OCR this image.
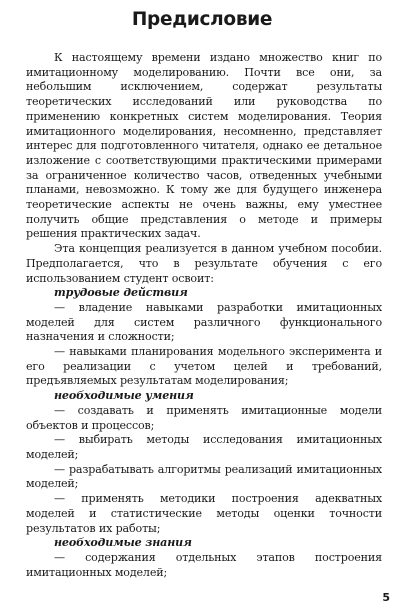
Предисловие

К настоящему времени издано множество книг по имитационному моделированию. Почти все они, за небольшим исключением, содержат результаты теоретических исследований или руководства по применению конкретных систем моделирования. Теория имитационного моделирования, несомненно, представляет интерес для подготовленного читателя, однако ее детальное изложение с соответствующими практическими примерами за ограниченное количество часов, отведенных учебными планами, невозможно. К тому же для будущего инженера теоретические аспекты не очень важны, ему уместнее получить общие представления о методе и примеры решения практических задач.

Эта концепция реализуется в данном учебном пособии. Предполагается, что в результате обучения с его использованием студент освоит:

трудовые действия

— владение навыками разработки имитационных моделей для систем различного функционального назначения и сложности;

— навыками планирования модельного эксперимента и его реализации с учетом целей и требований, предъявляемых результатам моделирования;

необходимые умения

— создавать и применять имитационные модели объектов и процессов;

— выбирать методы исследования имитационных моделей;

— разрабатывать алгоритмы реализаций имитационных моделей;

— применять методики построения адекватных моделей и статистические методы оценки точности результатов их работы;

необходимые знания

— содержания отдельных этапов построения имитационных моделей;

5
